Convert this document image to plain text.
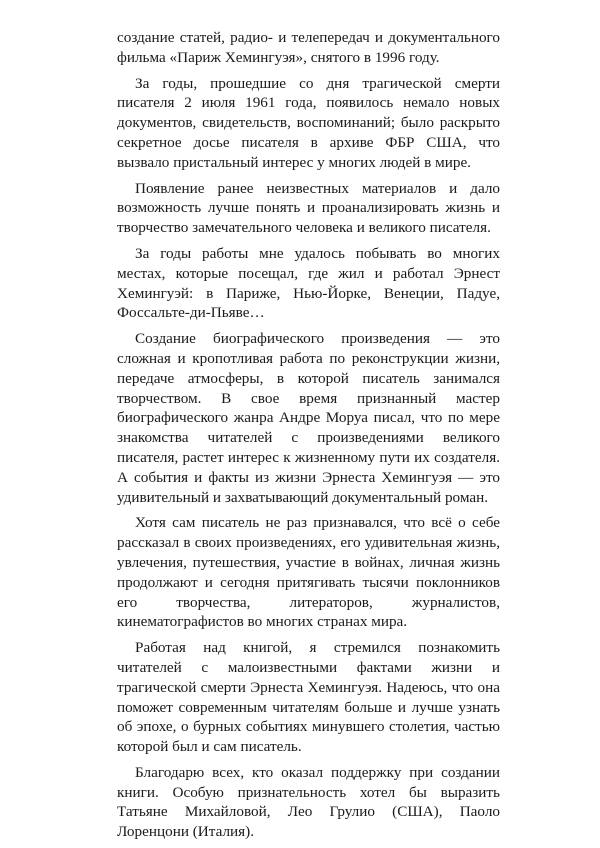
создание статей, радио- и телепередач и документального фильма «Париж Хемингуэя», снятого в 1996 году.

За годы, прошедшие со дня трагической смерти писателя 2 июля 1961 года, появилось немало новых документов, свидетельств, воспоминаний; было раскрыто секретное досье писателя в архиве ФБР США, что вызвало пристальный интерес у многих людей в мире.

Появление ранее неизвестных материалов и дало возможность лучше понять и проанализировать жизнь и творчество замечательного человека и великого писателя.

За годы работы мне удалось побывать во многих местах, которые посещал, где жил и работал Эрнест Хемингуэй: в Париже, Нью-Йорке, Венеции, Падуе, Фоссальте-ди-Пьяве…

Создание биографического произведения — это сложная и кропотливая работа по реконструкции жизни, передаче атмосферы, в которой писатель занимался творчеством. В свое время признанный мастер биографического жанра Андре Моруа писал, что по мере знакомства читателей с произведениями великого писателя, растет интерес к жизненному пути их создателя. А события и факты из жизни Эрнеста Хемингуэя — это удивительный и захватывающий документальный роман.

Хотя сам писатель не раз признавался, что всё о себе рассказал в своих произведениях, его удивительная жизнь, увлечения, путешествия, участие в войнах, личная жизнь продолжают и сегодня притягивать тысячи поклонников его творчества, литераторов, журналистов, кинематографистов во многих странах мира.

Работая над книгой, я стремился познакомить читателей с малоизвестными фактами жизни и трагической смерти Эрнеста Хемингуэя. Надеюсь, что она поможет современным читателям больше и лучше узнать об эпохе, о бурных событиях минувшего столетия, частью которой был и сам писатель.

Благодарю всех, кто оказал поддержку при создании книги. Особую признательность хотел бы выразить Татьяне Михайловой, Лео Грулио (США), Паоло Лоренцони (Италия).
